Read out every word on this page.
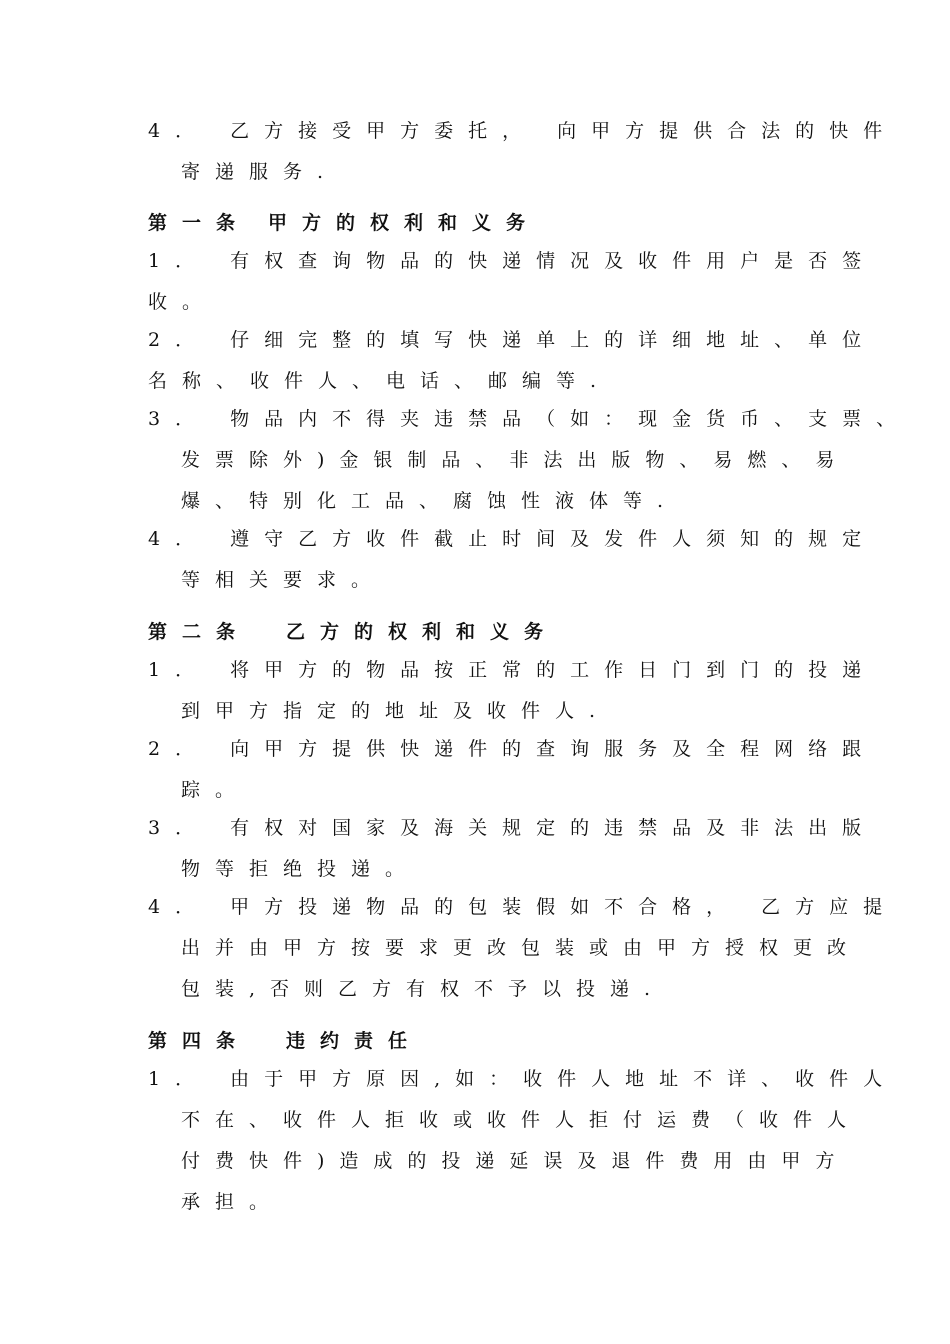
4． 乙方接受甲方委托， 向甲方提供合法的快件
寄递服务.
第一条 甲方的权利和义务
1． 有权查询物品的快递情况及收件用户是否签
收。
2． 仔细完整的填写快递单上的详细地址、单位
名称、收件人、电话、邮编等.
3． 物品内不得夹违禁品（如：现金货币、支票、
发票除外)金银制品、非法出版物、易燃、易
爆、特别化工品、腐蚀性液体等.
4． 遵守乙方收件截止时间及发件人须知的规定
等相关要求。
第二条 乙方的权利和义务
1． 将甲方的物品按正常的工作日门到门的投递
到甲方指定的地址及收件人.
2． 向甲方提供快递件的查询服务及全程网络跟
踪。
3． 有权对国家及海关规定的违禁品及非法出版
物等拒绝投递。
4． 甲方投递物品的包装假如不合格， 乙方应提
出并由甲方按要求更改包装或由甲方授权更改
包装,否则乙方有权不予以投递.
第四条 违约责任
1． 由于甲方原因,如：收件人地址不详、收件人
不在、收件人拒收或收件人拒付运费（收件人
付费快件)造成的投递延误及退件费用由甲方
承担。
